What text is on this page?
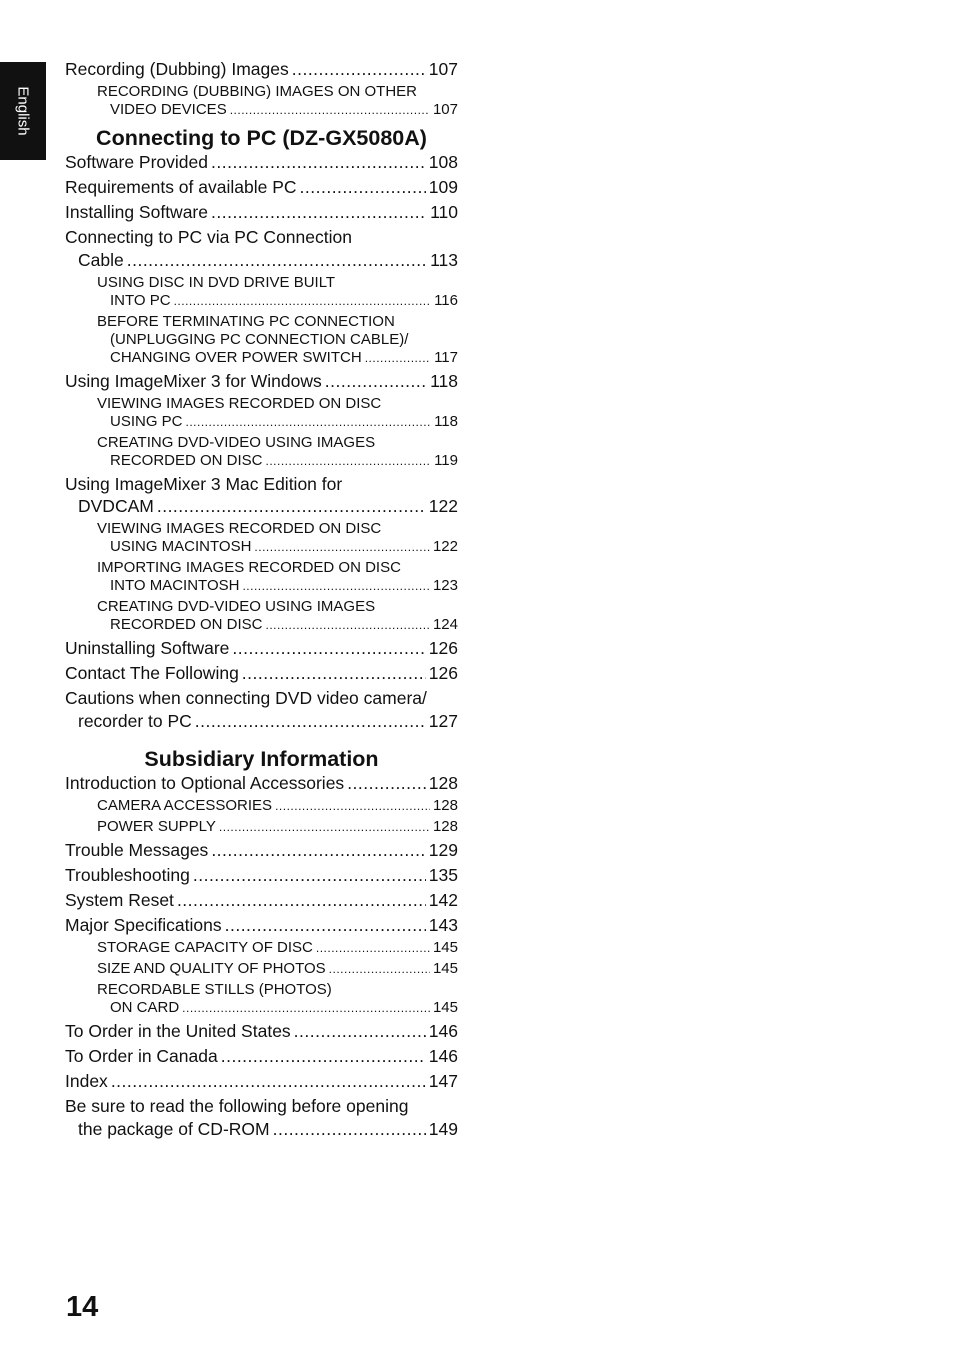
English
Recording (Dubbing) Images .....	107
RECORDING (DUBBING) IMAGES ON OTHER
VIDEO DEVICES .....	107
Connecting to PC (DZ-GX5080A)
Software Provided .....	108
Requirements of available PC .....	109
Installing Software .....	110
Connecting to PC via PC Connection
Cable .....	113
USING DISC IN DVD DRIVE BUILT
INTO PC .....	116
BEFORE TERMINATING PC CONNECTION
(UNPLUGGING PC CONNECTION CABLE)/
CHANGING OVER POWER SWITCH .....	117
Using ImageMixer 3 for Windows .....	118
VIEWING IMAGES RECORDED ON DISC
USING PC .....	118
CREATING DVD-VIDEO USING IMAGES
RECORDED ON DISC .....	119
Using ImageMixer 3 Mac Edition for
DVDCAM .....	122
VIEWING IMAGES RECORDED ON DISC
USING MACINTOSH .....	122
IMPORTING IMAGES RECORDED ON DISC
INTO MACINTOSH .....	123
CREATING DVD-VIDEO USING IMAGES
RECORDED ON DISC .....	124
Uninstalling Software .....	126
Contact The Following .....	126
Cautions when connecting DVD video camera/
recorder to PC .....	127
Subsidiary Information
Introduction to Optional Accessories .....	128
CAMERA ACCESSORIES .....	128
POWER SUPPLY .....	128
Trouble Messages .....	129
Troubleshooting .....	135
System Reset .....	142
Major Specifications .....	143
STORAGE CAPACITY OF DISC .....	145
SIZE AND QUALITY OF PHOTOS .....	145
RECORDABLE STILLS (PHOTOS)
ON CARD .....	145
To Order in the United States .....	146
To Order in Canada .....	146
Index .....	147
Be sure to read the following before opening
the package of CD-ROM .....	149
14
